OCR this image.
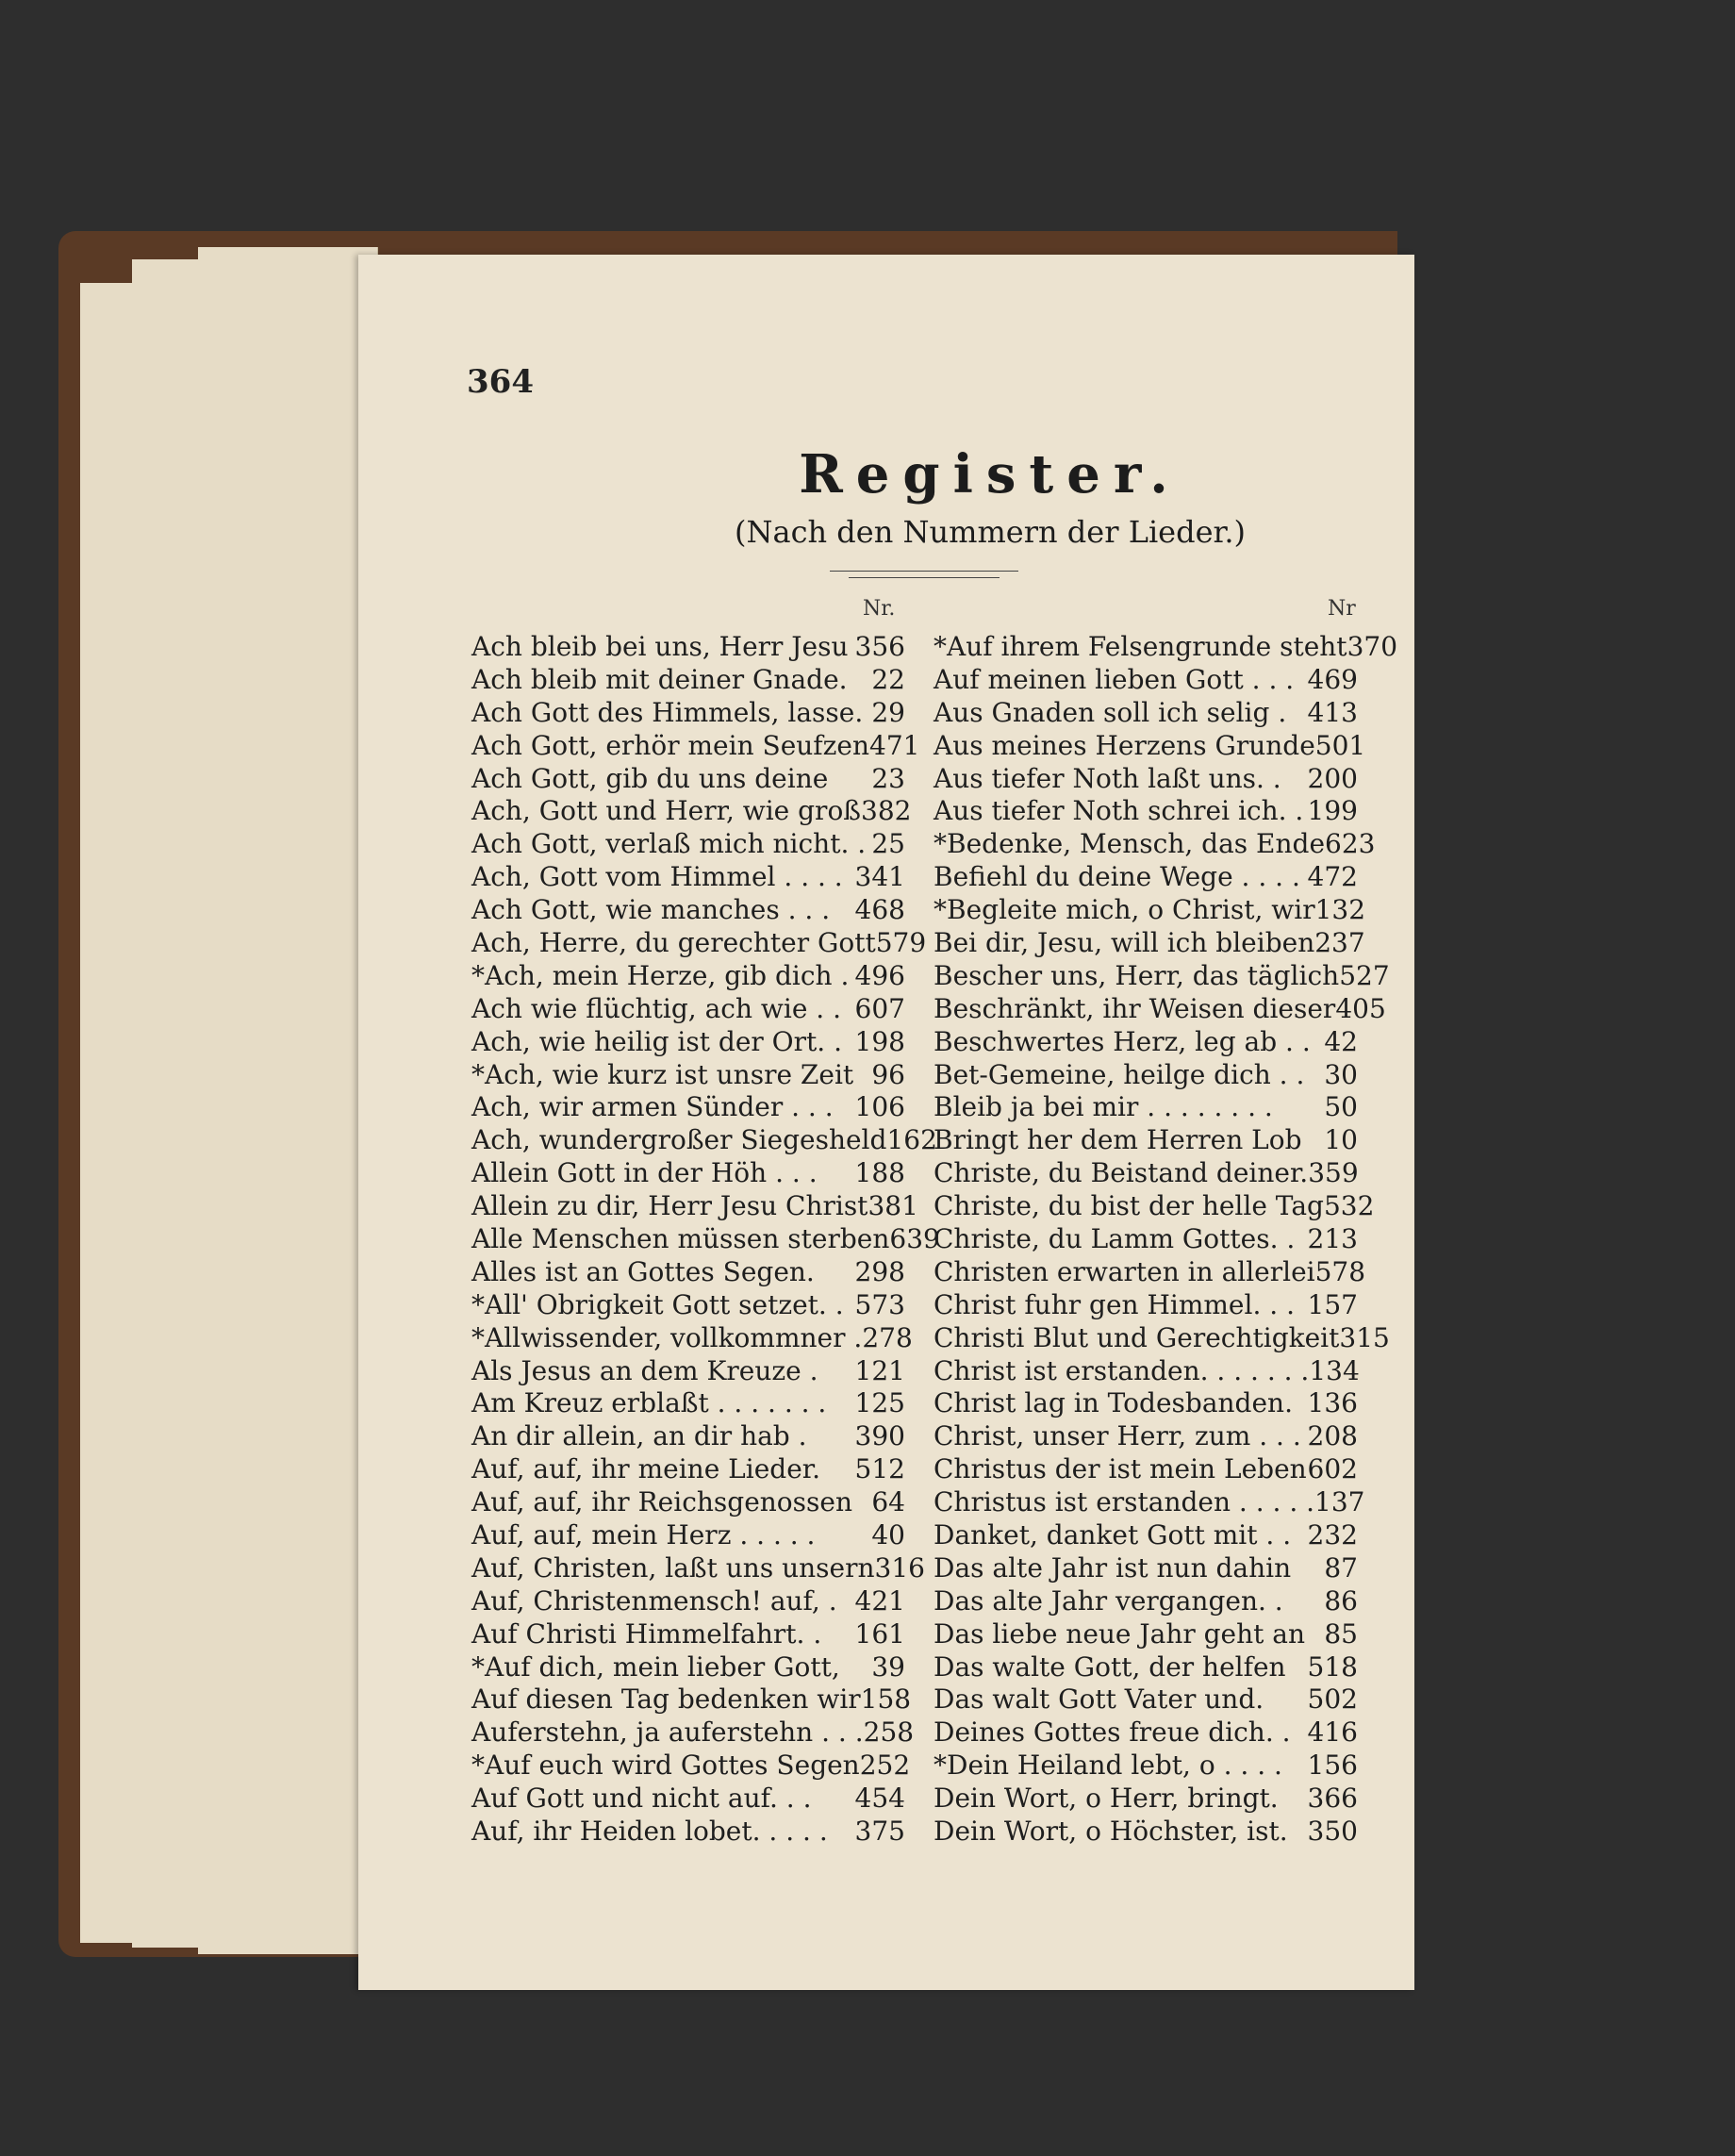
364
Register.
(Nach den Nummern der Lieder.)
Nr.	Nr
Ach bleib bei uns, Herr Jesu 356
Ach bleib mit deiner Gnade. 22
Ach Gott des Himmels, lasse. 29
Ach Gott, erhör mein Seufzen 471
Ach Gott, gib du uns deine	23
Ach, Gott und Herr, wie groß 382
Ach Gott, verlaß mich nicht. . 25
Ach, Gott vom Himmel . . . . 341
Ach Gott, wie manches . . . 468
Ach, Herre, du gerechter Gott 579
*Ach, mein Herze, gib dich . 496
Ach wie flüchtig, ach wie . . 607
Ach, wie heilig ist der Ort. . 198
*Ach, wie kurz ist unsre Zeit 96
Ach, wir armen Sünder . . . 106
Ach, wundergroßer Siegesheld 162
Allein Gott in der Höh . . .	188
Allein zu dir, Herr Jesu Christ 381
Alle Menschen müssen sterben 639
Alles ist an Gottes Segen.	298
*All' Obrigkeit Gott setzet. . 573
*Allwissender, vollkommner . 278
Als Jesus an dem Kreuze .	121
Am Kreuz erblaßt . . . . . . .	125
An dir allein, an dir hab .	390
Auf, auf, ihr meine Lieder.	512
Auf, auf, ihr Reichsgenossen 64
Auf, auf, mein Herz . . . . .	40
Auf, Christen, laßt uns unsern 316
Auf, Christenmensch! auf, . 421
Auf Christi Himmelfahrt. .	161
*Auf dich, mein lieber Gott,	39
Auf diesen Tag bedenken wir 158
Auferstehn, ja auferstehn . . . 258
*Auf euch wird Gottes Segen 252
Auf Gott und nicht auf. . .	454
Auf, ihr Heiden lobet. . . . .	375
*Auf ihrem Felsengrunde steht 370
Auf meinen lieben Gott . . . 469
Aus Gnaden soll ich selig . 413
Aus meines Herzens Grunde 501
Aus tiefer Noth laßt uns. . 200
Aus tiefer Noth schrei ich. . 199
*Bedenke, Mensch, das Ende 623
Befiehl du deine Wege . . . . 472
*Begleite mich, o Christ, wir 132
Bei dir, Jesu, will ich bleiben 237
Bescher uns, Herr, das täglich 527
Beschränkt, ihr Weisen dieser 405
Beschwertes Herz, leg ab . . 42
Bet-Gemeine, heilge dich . . 30
Bleib ja bei mir . . . . . . . .	50
Bringt her dem Herren Lob 10
Christe, du Beistand deiner. 359
Christe, du bist der helle Tag 532
Christe, du Lamm Gottes. . 213
Christen erwarten in allerlei 578
Christ fuhr gen Himmel. . . 157
Christi Blut und Gerechtigkeit 315
Christ ist erstanden. . . . . . . 134
Christ lag in Todesbanden. 136
Christ, unser Herr, zum . . . 208
Christus der ist mein Leben 602
Christus ist erstanden . . . . . 137
Danket, danket Gott mit . . 232
Das alte Jahr ist nun dahin	87
Das alte Jahr vergangen. .	86
Das liebe neue Jahr geht an 85
Das walte Gott, der helfen 518
Das walt Gott Vater und.	502
Deines Gottes freue dich. . 416
*Dein Heiland lebt, o . . . . 156
Dein Wort, o Herr, bringt.	366
Dein Wort, o Höchster, ist. 350
